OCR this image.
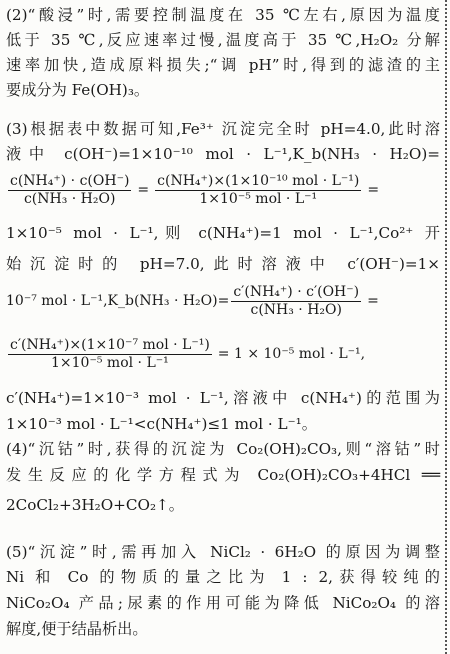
(2)“酸浸”时,需要控制温度在 35 ℃左右,原因为温度
低于 35 ℃,反应速率过慢,温度高于 35 ℃,H₂O₂ 分解
速率加快,造成原料损失;“调 pH”时,得到的滤渣的主
要成分为 Fe(OH)₃。
(3)根据表中数据可知,Fe³⁺ 沉淀完全时 pH=4.0,此时溶
液中 c(OH⁻)=1×10⁻¹⁰ mol · L⁻¹,K_b(NH₃ · H₂O)=
$\frac{\text{c(NH₄⁺) · c(OH⁻)}}{\text{c(NH₃ · H₂O)}} = \frac{\text{c(NH₄⁺)×(1×10⁻¹⁰ mol · L⁻¹)}}{\text{1×10⁻⁵ mol · L⁻¹}}$ =
1×10⁻⁵ mol · L⁻¹,则 c(NH₄⁺)=1 mol · L⁻¹,Co²⁺ 开
始沉淀时的 pH=7.0,此时溶液中 c′(OH⁻)=1×
10⁻⁷ mol · L⁻¹,K_b(NH₃ · $H_2O)= \frac{\text{c′(NH₄⁺) · c′(OH⁻)}}{\text{c(NH₃ · H₂O)}}$ =
$\frac{\text{c′(NH₄⁺)×(1×10⁻⁷ mol · L⁻¹)}}{\text{1×10⁻⁵ mol · L⁻¹}} = 1 \times 10^{-5}$ mol · L⁻¹,
c′(NH₄⁺)=1×10⁻³ mol · L⁻¹,溶液中 c(NH₄⁺)的范围为
1×10⁻³ mol · L⁻¹<c(NH₄⁺)≤1 mol · L⁻¹。
(4)“沉钴”时,获得的沉淀为 Co₂(OH)₂CO₃,则“溶钴”时
发生反应的化学方程式为 Co₂(OH)₂CO₃+4HCl ══
2CoCl₂+3H₂O+CO₂↑。
(5)“沉淀”时,需再加入 NiCl₂ · 6H₂O 的原因为调整
Ni 和 Co 的物质的量之比为 1 : 2,获得较纯的
NiCo₂O₄ 产品;尿素的作用可能为降低 NiCo₂O₄ 的溶
解度,便于结晶析出。
